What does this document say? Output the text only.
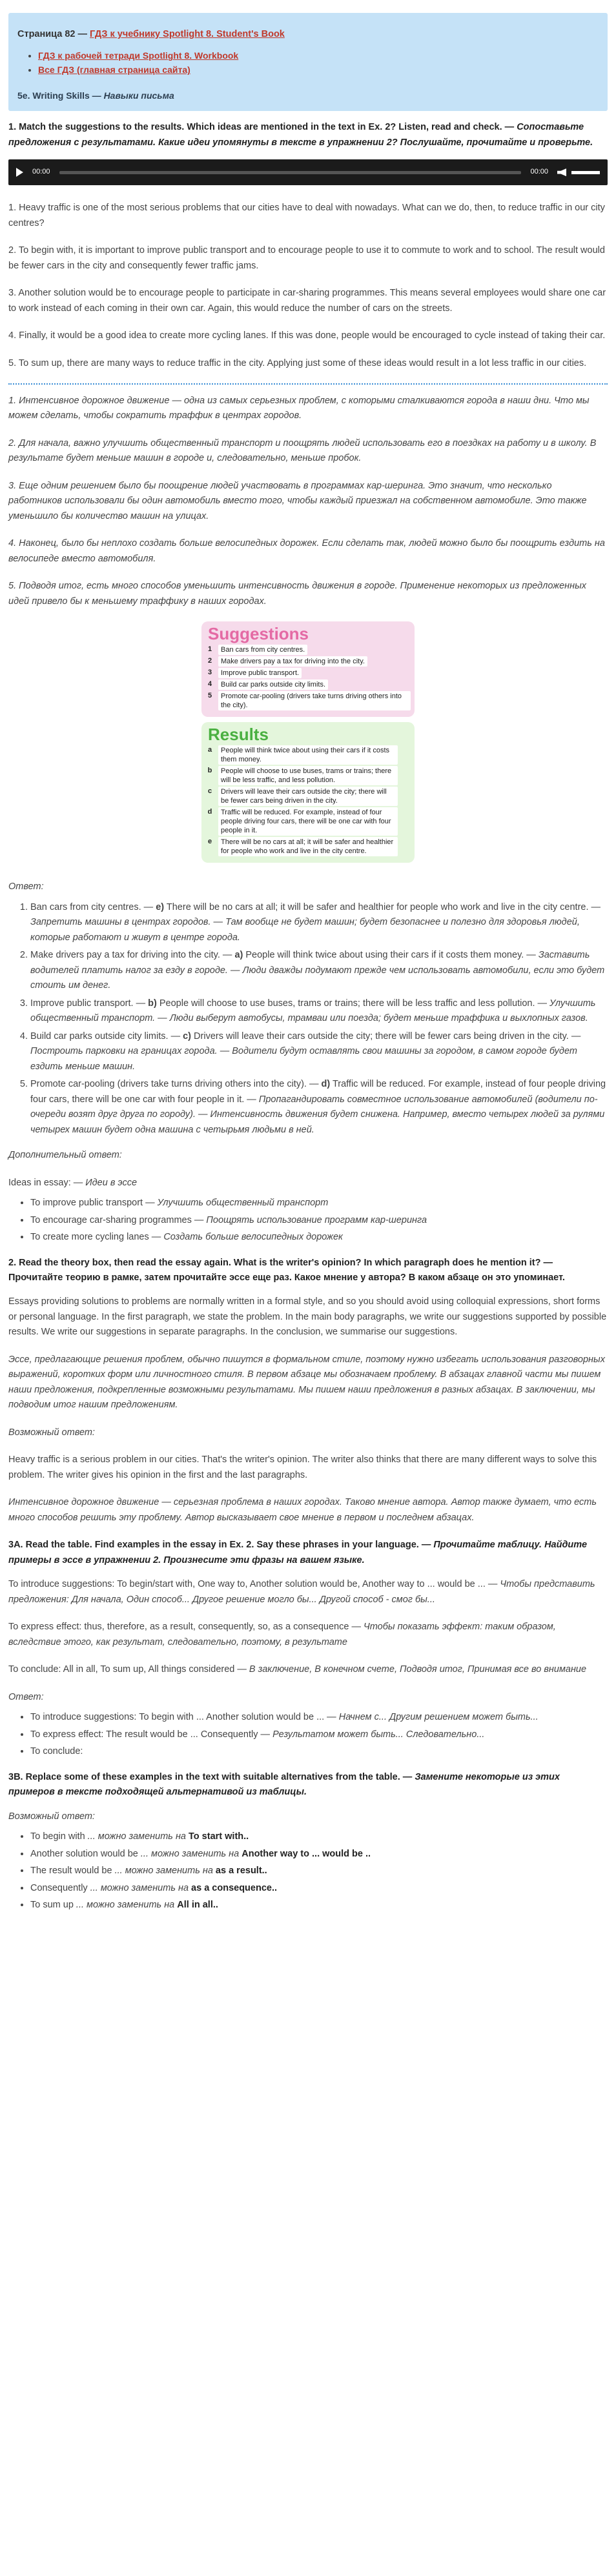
Страница 82 — ГДЗ к учебнику Spotlight 8. Student's Book
• ГДЗ к рабочей тетради Spotlight 8. Workbook
• Все ГДЗ (главная страница сайта)
5e. Writing Skills — Навыки письма
1. Match the suggestions to the results. Which ideas are mentioned in the text in Ex. 2? Listen, read and check. — Сопоставьте предложения с результатами. Какие идеи упомянуты в тексте в упражнении 2? Послушайте, прочитайте и проверьте.
00:00	00:00

1. Heavy traffic is one of the most serious problems that our cities have to deal with nowadays. What can we do, then, to reduce traffic in our city centres?

2. To begin with, it is important to improve public transport and to encourage people to use it to commute to work and to school. The result would be fewer cars in the city and consequently fewer traffic jams.

3. Another solution would be to encourage people to participate in car-sharing programmes. This means several employees would share one car to work instead of each coming in their own car. Again, this would reduce the number of cars on the streets.

4. Finally, it would be a good idea to create more cycling lanes. If this was done, people would be encouraged to cycle instead of taking their car.

5. To sum up, there are many ways to reduce traffic in the city. Applying just some of these ideas would result in a lot less traffic in our cities.

1. Интенсивное дорожное движение — одна из самых серьезных проблем, с которыми сталкиваются города в наши дни. Что мы можем сделать, чтобы сократить траффик в центрах городов.

2. Для начала, важно улучшить общественный транспорт и поощрять людей использовать его в поездках на работу и в школу. В результате будет меньше машин в городе и, следовательно, меньше пробок.

3. Еще одним решением было бы поощрение людей участвовать в программах кар-шеринга. Это значит, что несколько работников использовали бы один автомобиль вместо того, чтобы каждый приезжал на собственном автомобиле. Это также уменьшило бы количество машин на улицах.

4. Наконец, было бы неплохо создать больше велосипедных дорожек. Если сделать так, людей можно было бы поощрить ездить на велосипеде вместо автомобиля.

5. Подводя итог, есть много способов уменьшить интенсивность движения в городе. Применение некоторых из предложенных идей привело бы к меньшему траффику в наших городах.

Suggestions
1	Ban cars from city centres.
2	Make drivers pay a tax for driving into the city.
3	Improve public transport.
4	Build car parks outside city limits.
5	Promote car-pooling (drivers take turns driving others into the city).
Results
a	People will think twice about using their cars if it costs them money.
b	People will choose to use buses, trams or trains; there will be less traffic, and less pollution.
c	Drivers will leave their cars outside the city; there will be fewer cars being driven in the city.
d	Traffic will be reduced. For example, instead of four people driving four cars, there will be one car with four people in it.
e	There will be no cars at all; it will be safer and healthier for people who work and live in the city centre.

Ответ:

1. Ban cars from city centres. — e) There will be no cars at all; it will be safer and healthier for people who work and live in the city centre. — Запретить машины в центрах городов. — Там вообще не будет машин; будет безопаснее и полезно для здоровья людей, которые работают и живут в центре города.
2. Make drivers pay a tax for driving into the city. — a) People will think twice about using their cars if it costs them money. — Заставить водителей платить налог за езду в городе. — Люди дважды подумают прежде чем использовать автомобили, если это будет стоить им денег.
3. Improve public transport. — b) People will choose to use buses, trams or trains; there will be less traffic and less pollution. — Улучшить общественный транспорт. — Люди выберут автобусы, трамваи или поезда; будет меньше траффика и выхлопных газов.
4. Build car parks outside city limits. — c) Drivers will leave their cars outside the city; there will be fewer cars being driven in the city. — Построить парковки на границах города. — Водители будут оставлять свои машины за городом, в самом городе будет ездить меньше машин.
5. Promote car-pooling (drivers take turns driving others into the city). — d) Traffic will be reduced. For example, instead of four people driving four cars, there will be one car with four people in it. — Пропагандировать совместное использование автомобилей (водители по-очереди возят друг друга по городу). — Интенсивность движения будет снижена. Например, вместо четырех людей за рулями четырех машин будет одна машина с четырьмя людьми в ней.

Дополнительный ответ:

Ideas in essay: — Идеи в эссе

• To improve public transport — Улучшить общественный транспорт
• To encourage car-sharing programmes — Поощрять использование программ кар-шеринга
• To create more cycling lanes — Создать больше велосипедных дорожек
2. Read the theory box, then read the essay again. What is the writer's opinion? In which paragraph does he mention it? — Прочитайте теорию в рамке, затем прочитайте эссе еще раз. Какое мнение у автора? В каком абзаце он это упоминает.

Essays providing solutions to problems are normally written in a formal style, and so you should avoid using colloquial expressions, short forms or personal language. In the first paragraph, we state the problem. In the main body paragraphs, we write our suggestions supported by possible results. We write our suggestions in separate paragraphs. In the conclusion, we summarise our suggestions.

Эссе, предлагающие решения проблем, обычно пишутся в формальном стиле, поэтому нужно избегать использования разговорных выражений, коротких форм или личностного стиля. В первом абзаце мы обозначаем проблему. В абзацах главной части мы пишем наши предложения, подкрепленные возможными результатами. Мы пишем наши предложения в разных абзацах. В заключении, мы подводим итог нашим предложениям.

Возможный ответ:

Heavy traffic is a serious problem in our cities. That's the writer's opinion. The writer also thinks that there are many different ways to solve this problem. The writer gives his opinion in the first and the last paragraphs.

Интенсивное дорожное движение — серьезная проблема в наших городах. Таково мнение автора. Автор также думает, что есть много способов решить эту проблему. Автор высказывает свое мнение в первом и последнем абзацах.

3A. Read the table. Find examples in the essay in Ex. 2. Say these phrases in your language. — Прочитайте таблицу. Найдите примеры в эссе в упражнении 2. Произнесите эти фразы на вашем языке.

To introduce suggestions: To begin/start with, One way to, Another solution would be, Another way to ... would be ... — Чтобы представить предложения: Для начала, Один способ... Другое решение могло бы... Другой способ - смог бы...

To express effect: thus, therefore, as a result, consequently, so, as a consequence — Чтобы показать эффект: таким образом, вследствие этого, как результат, следовательно, поэтому, в результате

To conclude: All in all, To sum up, All things considered — В заключение, В конечном счете, Подводя итог, Принимая все во внимание

Ответ:

• To introduce suggestions: To begin with ... Another solution would be ... — Начнем с... Другим решением может быть...
• To express effect: The result would be ... Consequently — Результатом может быть... Следовательно...
• To conclude:
3B. Replace some of these examples in the text with suitable alternatives from the table. — Замените некоторые из этих примеров в тексте подходящей альтернативой из таблицы.

Возможный ответ:

• To begin with ... можно заменить на To start with..
• Another solution would be ... можно заменить на Another way to ... would be ..
• The result would be ... можно заменить на as a result..
• Consequently ... можно заменить на as a consequence..
• To sum up ... можно заменить на All in all..
